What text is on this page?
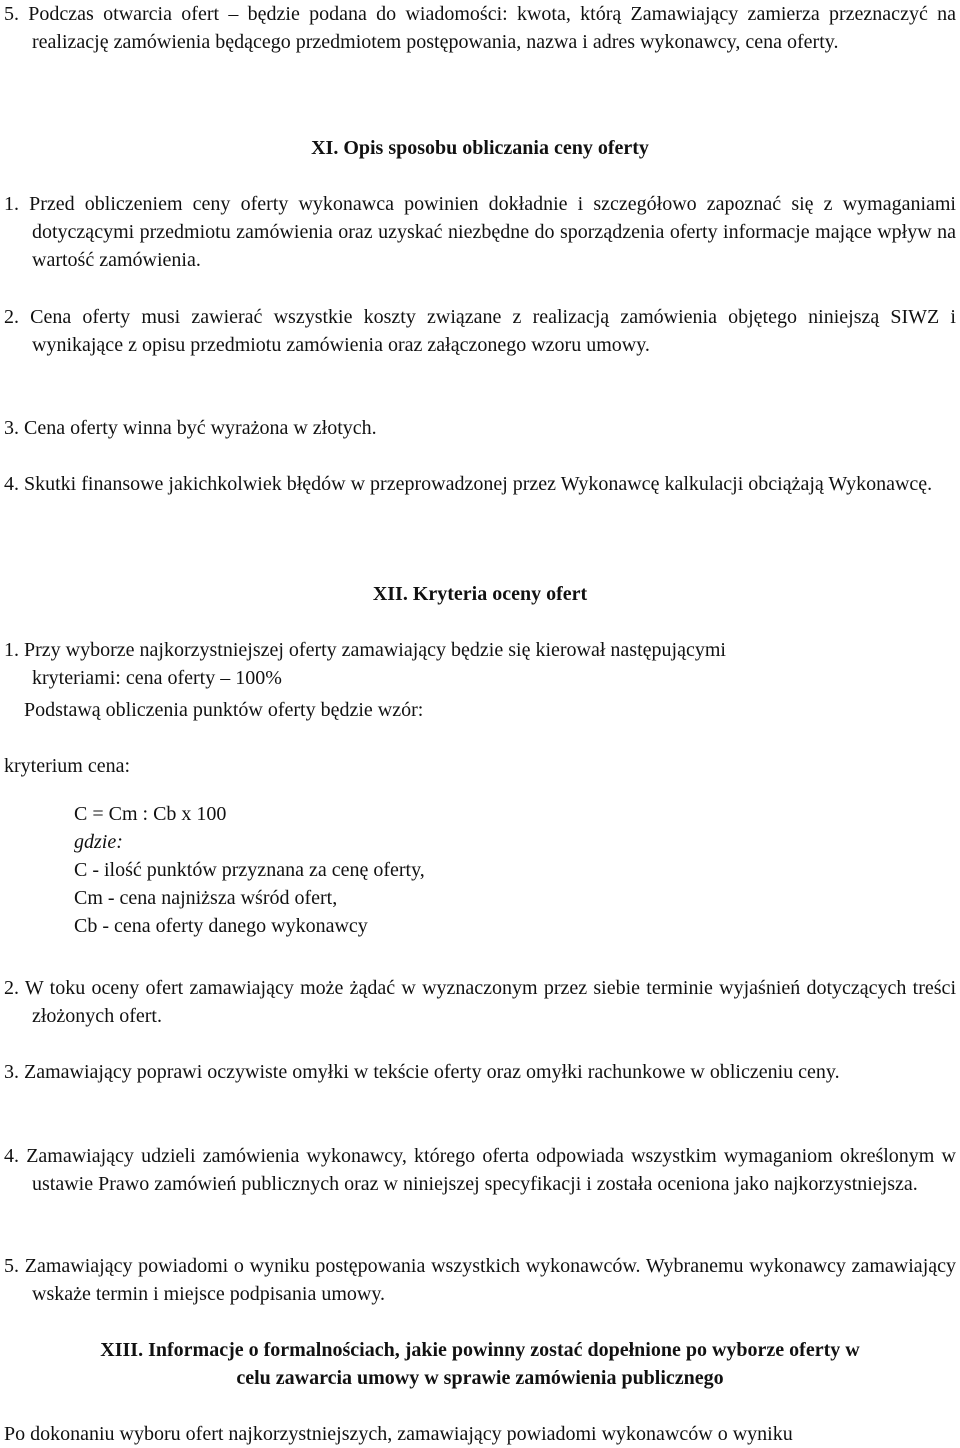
5. Podczas otwarcia ofert – będzie podana do wiadomości: kwota, którą Zamawiający zamierza przeznaczyć na realizację zamówienia będącego przedmiotem postępowania, nazwa i adres wykonawcy, cena oferty.

XI. Opis sposobu obliczania ceny oferty

1. Przed obliczeniem ceny oferty wykonawca powinien dokładnie i szczegółowo zapoznać się z wymaganiami dotyczącymi przedmiotu zamówienia oraz uzyskać niezbędne do sporządzenia oferty informacje mające wpływ na wartość zamówienia.

2. Cena oferty musi zawierać wszystkie koszty związane z realizacją zamówienia objętego niniejszą SIWZ i wynikające z opisu przedmiotu zamówienia oraz załączonego wzoru umowy.

3. Cena oferty winna być wyrażona w złotych.

4. Skutki finansowe jakichkolwiek błędów w przeprowadzonej przez Wykonawcę kalkulacji obciążają Wykonawcę.

XII. Kryteria oceny ofert

1. Przy wyborze najkorzystniejszej oferty zamawiający będzie się kierował następującymi

kryteriami: cena oferty – 100%

Podstawą obliczenia punktów oferty będzie wzór:

kryterium cena:

C = Cm : Cb x 100

gdzie:

C - ilość punktów przyznana za cenę oferty,

Cm - cena najniższa wśród ofert,

Cb - cena oferty danego wykonawcy

2. W toku oceny ofert zamawiający może żądać w wyznaczonym przez siebie terminie wyjaśnień dotyczących treści złożonych ofert.

3. Zamawiający poprawi oczywiste omyłki w tekście oferty oraz omyłki rachunkowe w obliczeniu ceny.

4. Zamawiający udzieli zamówienia wykonawcy, którego oferta odpowiada wszystkim wymaganiom określonym w ustawie Prawo zamówień publicznych oraz w niniejszej specyfikacji i została oceniona jako najkorzystniejsza.

5. Zamawiający powiadomi o wyniku postępowania wszystkich wykonawców. Wybranemu wykonawcy zamawiający wskaże termin i miejsce podpisania umowy.

XIII. Informacje o formalnościach, jakie powinny zostać dopełnione po wyborze oferty w

celu zawarcia umowy w sprawie zamówienia publicznego

Po dokonaniu wyboru ofert najkorzystniejszych, zamawiający powiadomi wykonawców o wyniku
